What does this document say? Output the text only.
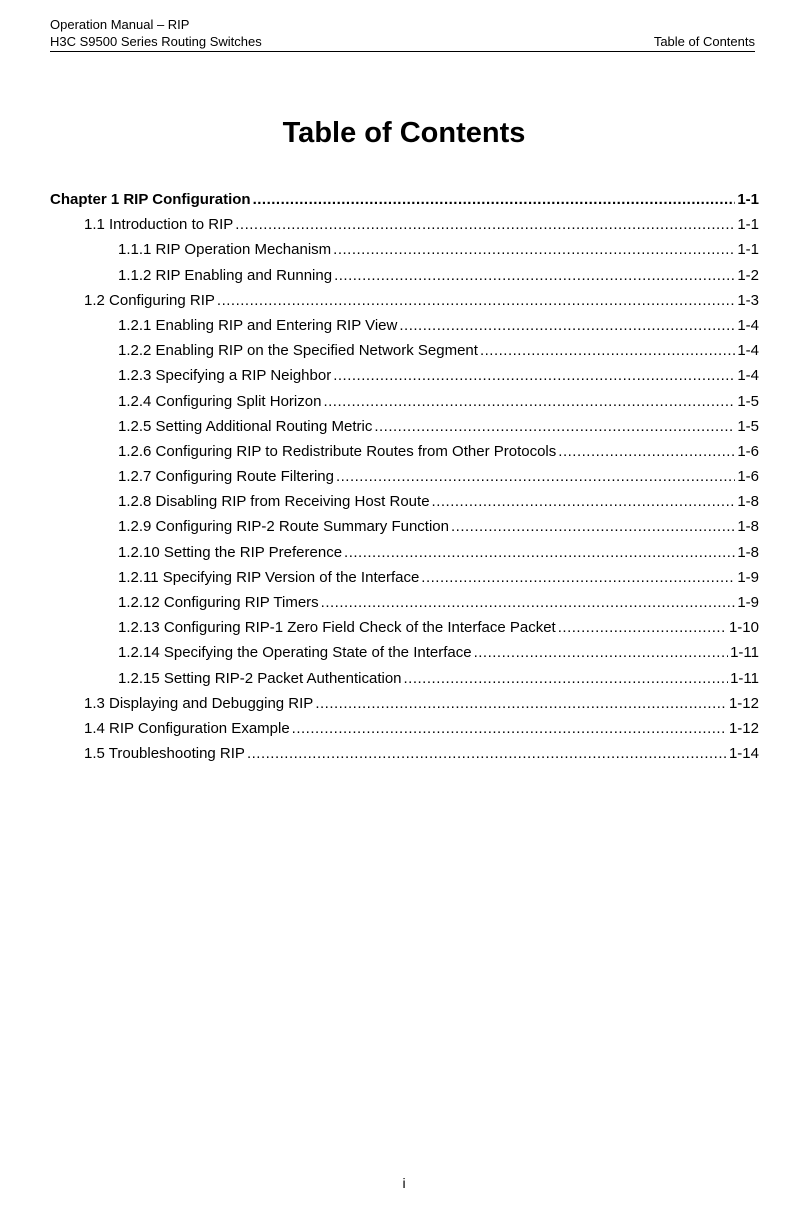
Operation Manual – RIP
H3C S9500 Series Routing Switches	Table of Contents
Table of Contents
Chapter 1 RIP Configuration .....	1-1
1.1 Introduction to RIP .....	1-1
1.1.1 RIP Operation Mechanism .....	1-1
1.1.2 RIP Enabling and Running .....	1-2
1.2 Configuring RIP .....	1-3
1.2.1 Enabling RIP and Entering RIP View .....	1-4
1.2.2 Enabling RIP on the Specified Network Segment .....	1-4
1.2.3 Specifying a RIP Neighbor .....	1-4
1.2.4 Configuring Split Horizon .....	1-5
1.2.5 Setting Additional Routing Metric .....	1-5
1.2.6 Configuring RIP to Redistribute Routes from Other Protocols .....	1-6
1.2.7 Configuring Route Filtering .....	1-6
1.2.8 Disabling RIP from Receiving Host Route .....	1-8
1.2.9 Configuring RIP-2 Route Summary Function .....	1-8
1.2.10 Setting the RIP Preference .....	1-8
1.2.11 Specifying RIP Version of the Interface .....	1-9
1.2.12 Configuring RIP Timers .....	1-9
1.2.13 Configuring RIP-1 Zero Field Check of the Interface Packet .....	1-10
1.2.14 Specifying the Operating State of the Interface .....	1-11
1.2.15 Setting RIP-2 Packet Authentication .....	1-11
1.3 Displaying and Debugging RIP .....	1-12
1.4 RIP Configuration Example .....	1-12
1.5 Troubleshooting RIP .....	1-14
i
